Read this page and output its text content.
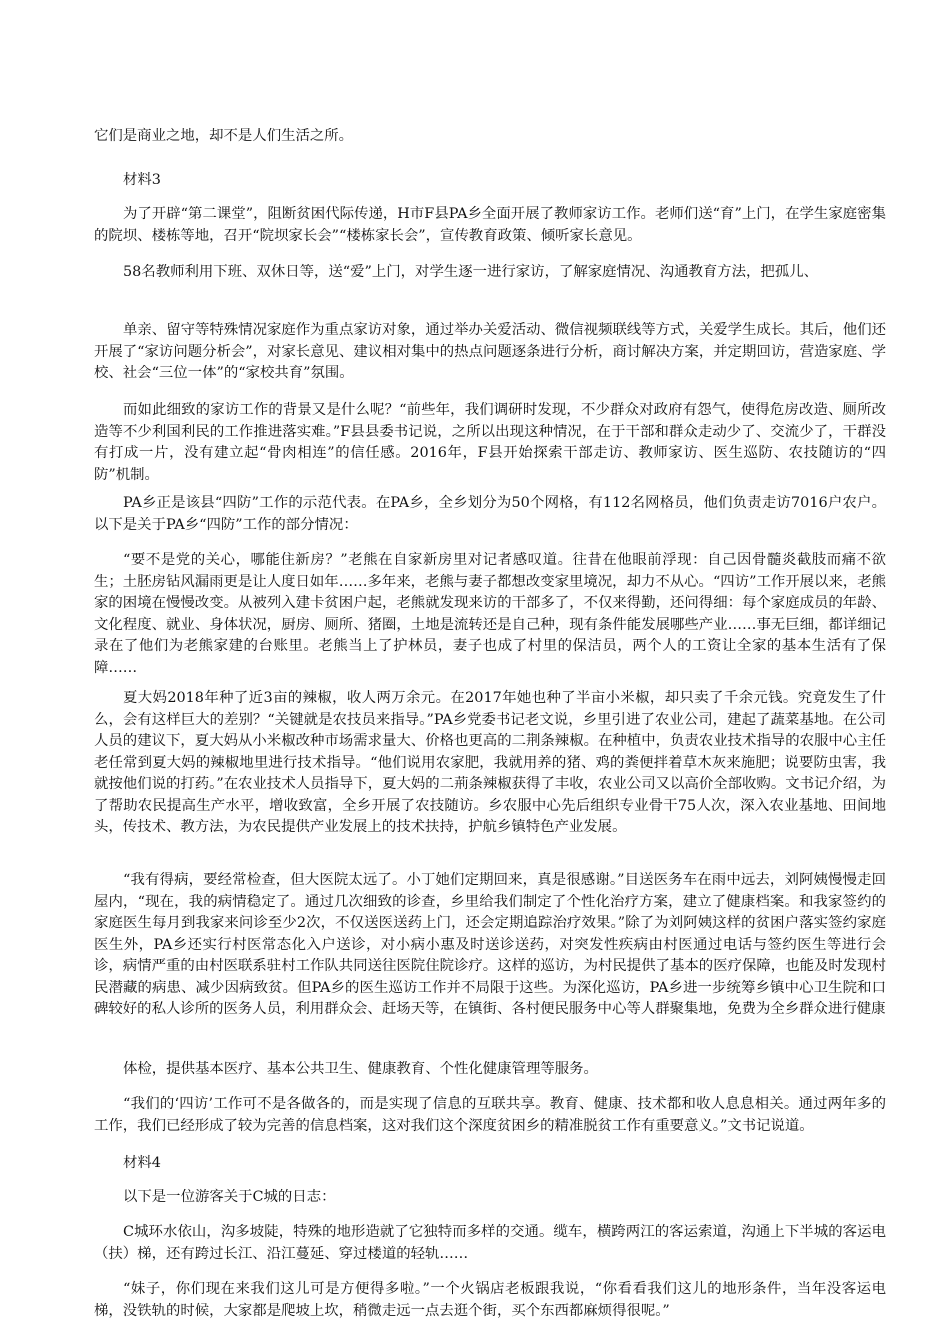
它们是商业之地，却不是人们生活之所。

材料3

为了开辟“第二课堂”，阻断贫困代际传递，H市F县PA乡全面开展了教师家访工作。老师们送“育”上门，在学生家庭密集的院坝、楼栋等地，召开“院坝家长会”“楼栋家长会”，宣传教育政策、倾听家长意见。

58名教师利用下班、双休日等，送“爱”上门，对学生逐一进行家访，了解家庭情况、沟通教育方法，把孤儿、

单亲、留守等特殊情况家庭作为重点家访对象，通过举办关爱活动、微信视频联线等方式，关爱学生成长。其后，他们还开展了“家访问题分析会”，对家长意见、建议相对集中的热点问题逐条进行分析，商讨解决方案，并定期回访，营造家庭、学校、社会“三位一体”的“家校共育”氛围。

而如此细致的家访工作的背景又是什么呢？“前些年，我们调研时发现，不少群众对政府有怨气，使得危房改造、厕所改造等不少利国利民的工作推进落实难。”F县县委书记说，之所以出现这种情况，在于干部和群众走动少了、交流少了，干群没有打成一片，没有建立起“骨肉相连”的信任感。2016年，F县开始探索干部走访、教师家访、医生巡防、农技随访的“四防”机制。

PA乡正是该县“四防”工作的示范代表。在PA乡，全乡划分为50个网格，有112名网格员，他们负责走访7016户农户。以下是关于PA乡“四防”工作的部分情况：

“要不是党的关心，哪能住新房？”老熊在自家新房里对记者感叹道。往昔在他眼前浮现：自己因骨髓炎截肢而痛不欲生；土胚房钻风漏雨更是让人度日如年……多年来，老熊与妻子都想改变家里境况，却力不从心。“四访”工作开展以来，老熊家的困境在慢慢改变。从被列入建卡贫困户起，老熊就发现来访的干部多了，不仅来得勤，还问得细：每个家庭成员的年龄、文化程度、就业、身体状况，厨房、厕所、猪圈，土地是流转还是自己种，现有条件能发展哪些产业……事无巨细，都详细记录在了他们为老熊家建的台账里。老熊当上了护林员，妻子也成了村里的保洁员，两个人的工资让全家的基本生活有了保障……

夏大妈2018年种了近3亩的辣椒，收人两万余元。在2017年她也种了半亩小米椒，却只卖了千余元钱。究竟发生了什么，会有这样巨大的差别？“关键就是农技员来指导。”PA乡党委书记老文说，乡里引进了农业公司，建起了蔬菜基地。在公司人员的建议下，夏大妈从小米椒改种市场需求量大、价格也更高的二荆条辣椒。在种植中，负责农业技术指导的农服中心主任老任常到夏大妈的辣椒地里进行技术指导。“他们说用农家肥，我就用养的猪、鸡的粪便拌着草木灰来施肥；说要防虫害，我就按他们说的打药。”在农业技术人员指导下，夏大妈的二荊条辣椒获得了丰收，农业公司又以高价全部收购。文书记介绍，为了帮助农民提高生产水平，增收致富，全乡开展了农技随访。乡农服中心先后组织专业骨干75人次，深入农业基地、田间地头，传技术、教方法，为农民提供产业发展上的技术扶持，护航乡镇特色产业发展。

“我有得病，要经常检查，但大医院太远了。小丁她们定期回来，真是很感谢。”目送医务车在雨中远去，刘阿姨慢慢走回屋内，“现在，我的病情稳定了。通过几次细致的诊查，乡里给我们制定了个性化治疗方案，建立了健康档案。和我家签约的家庭医生每月到我家来问诊至少2次，不仅送医送药上门，还会定期追踪治疗效果。”除了为刘阿姨这样的贫困户落实签约家庭医生外，PA乡还实行村医常态化入户送诊，对小病小惠及时送诊送药，对突发性疾病由村医通过电话与签约医生等进行会诊，病情严重的由村医联系驻村工作队共同送往医院住院诊疗。这样的巡访，为村民提供了基本的医疗保障，也能及时发现村民潜藏的病患、减少因病致贫。但PA乡的医生巡访工作并不局限于这些。为深化巡访，PA乡进一步统筹乡镇中心卫生院和口碑较好的私人诊所的医务人员，利用群众会、赶场天等，在镇街、各村便民服务中心等人群聚集地，免费为全乡群众进行健康

体检，提供基本医疗、基本公共卫生、健康教育、个性化健康管理等服务。

“我们的‘四访’工作可不是各做各的，而是实现了信息的互联共享。教育、健康、技术都和收人息息相关。通过两年多的工作，我们已经形成了较为完善的信息档案，这对我们这个深度贫困乡的精准脱贫工作有重要意义。”文书记说道。

材料4

以下是一位游客关于C城的日志：

C城环水依山，沟多坡陡，特殊的地形造就了它独特而多样的交通。缆车，横跨两江的客运索道，沟通上下半城的客运电（扶）梯，还有跨过长江、沿江蔓延、穿过楼道的轻轨……

“妹子，你们现在来我们这儿可是方便得多啦。”一个火锅店老板跟我说，“你看看我们这儿的地形条件，当年没客运电梯，没铁轨的时候，大家都是爬坡上坎，稍微走远一点去逛个街，买个东西都麻烦得很呢。”
